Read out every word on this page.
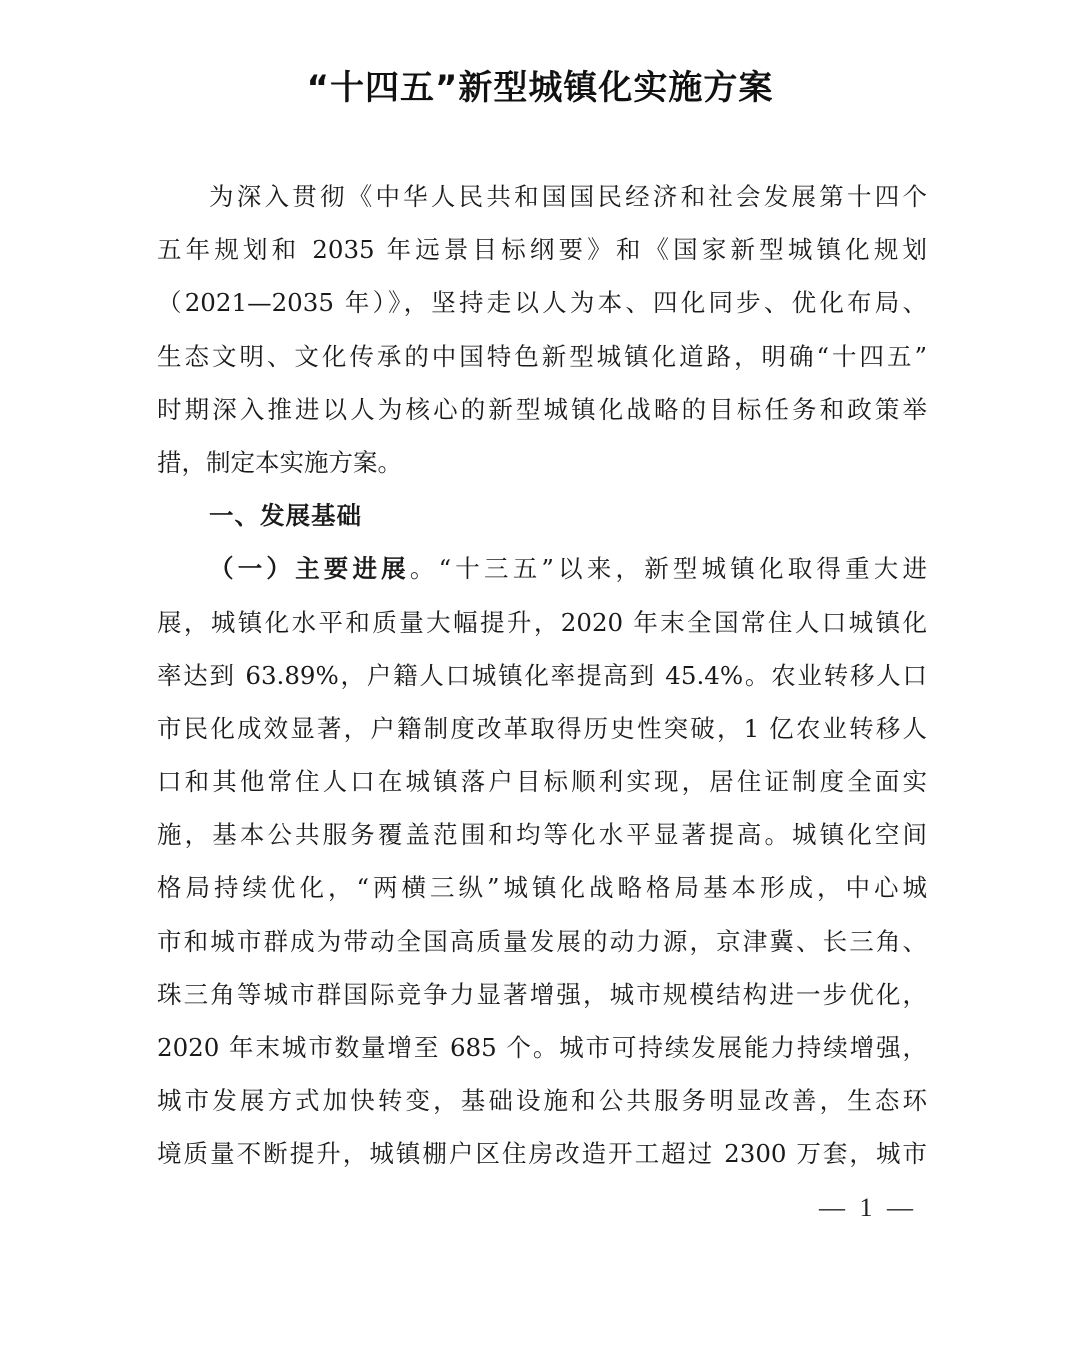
“十四五”新型城镇化实施方案
为深入贯彻《中华人民共和国国民经济和社会发展第十四个
五年规划和 2035 年远景目标纲要》和《国家新型城镇化规划
（2021—2035 年）》，坚持走以人为本、四化同步、优化布局、
生态文明、文化传承的中国特色新型城镇化道路，明确“十四五”
时期深入推进以人为核心的新型城镇化战略的目标任务和政策举
措，制定本实施方案。
一、发展基础
（一）主要进展。“十三五”以来，新型城镇化取得重大进
展，城镇化水平和质量大幅提升，2020 年末全国常住人口城镇化
率达到 63.89%，户籍人口城镇化率提高到 45.4%。农业转移人口
市民化成效显著，户籍制度改革取得历史性突破，1 亿农业转移人
口和其他常住人口在城镇落户目标顺利实现，居住证制度全面实
施，基本公共服务覆盖范围和均等化水平显著提高。城镇化空间
格局持续优化，“两横三纵”城镇化战略格局基本形成，中心城
市和城市群成为带动全国高质量发展的动力源，京津冀、长三角、
珠三角等城市群国际竞争力显著增强，城市规模结构进一步优化，
2020 年末城市数量增至 685 个。城市可持续发展能力持续增强，
城市发展方式加快转变，基础设施和公共服务明显改善，生态环
境质量不断提升，城镇棚户区住房改造开工超过 2300 万套，城市
— 1 —
